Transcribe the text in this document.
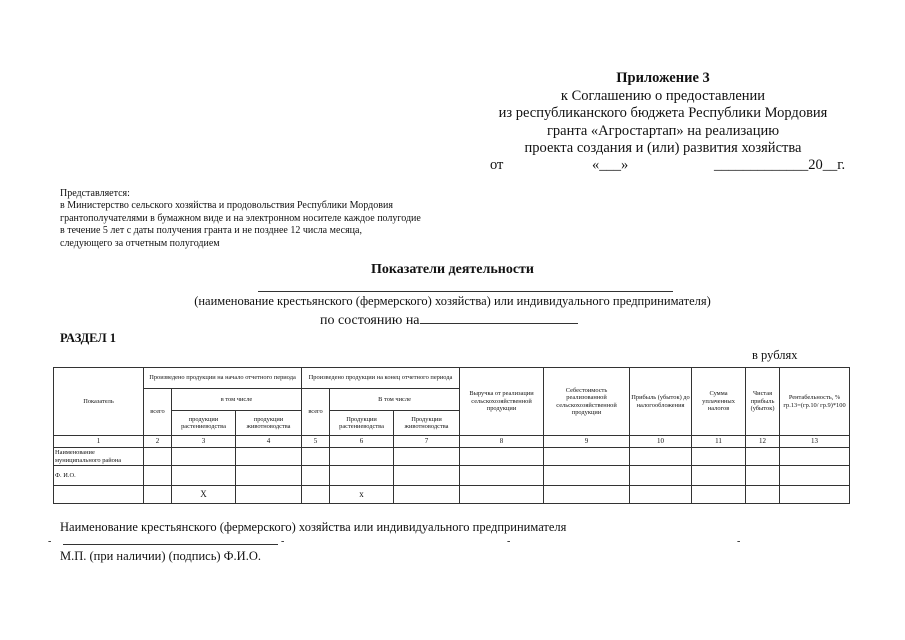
Приложение 3
к Соглашению о предоставлении
из республиканского бюджета Республики Мордовия
гранта «Агростартап» на реализацию
проекта создания и (или) развития хозяйства
от	«___»	_____________20__г.
Представляется:
в Министерство сельского хозяйства и продовольствия Республики Мордовия
грантополучателями в бумажном виде и на электронном носителе каждое полугодие
в течение 5 лет с даты получения гранта и не позднее 12 числа месяца,
следующего за отчетным полугодием
Показатели деятельности
(наименование крестьянского (фермерского) хозяйства) или индивидуального предпринимателя)
по состоянию на
РАЗДЕЛ 1
в рублях
Показатель	Произведено продукции на начало отчетного периода			Произведено продукции на конец отчетного периода			Выручка от реализации сельскохозяйственной продукции	Себестоимость реализованной сельскохозяйственной продукции	Прибыль (убыток) до налогообложения	Сумма уплаченных налогов	Чистая прибыль (убыток)	Рентабельность, % гр.13=(гр.10/ гр.9)*100
	всего	в том числе		всего	В том числе							
		продукции растениеводства	продукции животноводства		Продукции растениеводства	Продукции животноводства						
1	2	3	4	5	6	7	8	9	10	11	12	13
Наименование муниципального района												
Ф. И.О.												
		Х			х							
Наименование крестьянского (фермерского) хозяйства или индивидуального предпринимателя
-	-	-	-
М.П. (при наличии) (подпись) Ф.И.О.
